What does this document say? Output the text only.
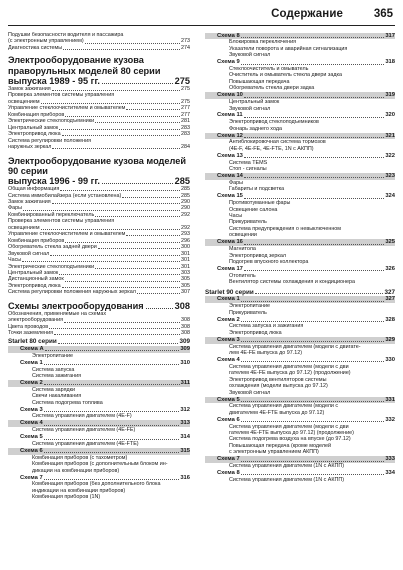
Содержание	365
Подушки безопасности водителя и пассажира
(с электронным управлением)	273
Диагностика системы	274
Электрооборудование кузова праворульных моделей 80 серии
выпуска 1989 - 95 гг.	275
Замок зажигания	275
Проверка элементов системы управления
освещением	275
Управление стеклоочистителем и омывателем	277
Комбинация приборов	277
Электрические стеклоподъемники	281
Центральный замок	283
Электропривод люка	283
Система регулировки положения
наружных зеркал	284
Электрооборудование кузова моделей 90 серии
выпуска 1996 - 99 гг.	285
Общая информация	285
Система иммобилайзера (если установлена)	285
Замок зажигания	290
Фары	290
Комбинированный переключатель	292
Проверка элементов системы управления
освещением	292
Управление стеклоочистителем и омывателем	293
Комбинация приборов	296
Обогреватель стекла задней двери	300
Звуковой сигнал	301
Часы	301
Электрические стеклоподъемники	301
Центральный замок	303
Дистанционный замок	305
Электропривод люка	305
Система регулировки положения наружных зеркал	307
Схемы электрооборудования	308
Обозначения, применяемые на схемах
электрооборудования	308
Цвета проводов	308
Точки заземления	308
Starlet 80 серии	309
Схема A	309
Электропитание
Схема 1	310
Система запуска
Система зажигания
Схема 2	311
Система зарядки
Свечи накаливания
Система подогрева топлива
Схема 3	312
Система управления двигателем (4E-F)
Схема 4	313
Система управления двигателем (4E-FE)
Схема 5	314
Система управления двигателем (4E-FTE)
Схема 6	315
Комбинация приборов (с тахометром)
Комбинация приборов (с дополнительным блоком ин-
дикации на комбинации приборов)
Схема 7	316
Комбинация приборов (без дополнительного блока
индикации на комбинации приборов)
Комбинация приборов (1N)
Схема 8	317
Блокировка переключения
Указатели поворота и аварийная сигнализация
Звуковой сигнал
Схема 9	318
Стеклоочиститель и омыватель
Очиститель и омыватель стекла двери задка
Повышающая передача
Обогреватель стекла двери задка
Схема 10	319
Центральный замок
Звуковой сигнал
Схема 11	320
Электропривод стеклоподъемников
Фонарь заднего хода
Схема 12	321
Антиблокировочная система тормозов
(4E-F, 4E-FE, 4E-FTE, 1N с АКПП)
Схема 13	322
Система TEMS
Стоп - сигналы
Схема 14	323
Фары
Габариты и подсветка
Схема 15	324
Противотуманные фары
Освещение салона
Часы
Прикуриватель
Система предупреждения о невыключенном
освещении
Схема 16	325
Магнитола
Электропривод зеркал
Подогрев впускного коллектора
Схема 17	326
Отопитель
Вентилятор системы охлаждения и кондиционера
Starlet 90 серии	327
Схема 1	327
Электропитание
Прикуриватель
Схема 2	328
Система запуска и зажигания
Электропривод люка
Схема 3	329
Система управления двигателем (модели с двигате-
лем 4E-FE выпуска до 97.12)
Схема 4	330
Система управления двигателем (модели с дви
гателем 4E-FE выпуска до 97.12) (продолжение)
Электропривод вентиляторов системы
охлаждения (модели выпуска до 97.12)
Звуковой сигнал
Схема 5	331
Система управления двигателем (модели с
двигателем 4E-FTE выпуска до 97.12)
Схема 6	332
Система управления двигателем (модели с дви
гателем 4E-FTE выпуска до 97.12) (продолжение)
Система подогрева воздуха на впуске (до 97.12)
Повышающая передача (кроме моделей
с электронным управлением АКПП)
Схема 7	333
Система управления двигателем (1N с АКПП)
Схема 8	334
Система управления двигателем (1N с АКПП)
